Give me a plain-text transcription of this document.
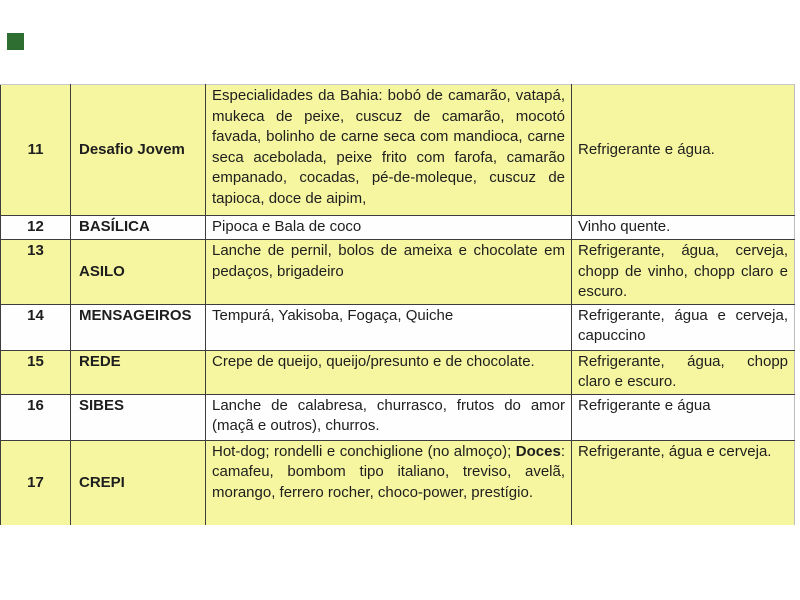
11	Desafio Jovem	Especialidades da Bahia: bobó de camarão, vatapá, mukeca de peixe, cuscuz de camarão, mocotó favada, bolinho de carne seca com mandioca, carne seca acebolada, peixe frito com farofa, camarão empanado, cocadas, pé-de-moleque, cuscuz de tapioca, doce de aipim,	Refrigerante e água.
12	BASÍLICA	Pipoca e Bala de coco	Vinho quente.
13	ASILO	Lanche de pernil, bolos de ameixa e chocolate em pedaços, brigadeiro	Refrigerante, água, cerveja, chopp de vinho, chopp claro e escuro.
14	MENSAGEIROS	Tempurá, Yakisoba, Fogaça, Quiche	Refrigerante, água e cerveja, capuccino
15	REDE	Crepe de queijo, queijo/presunto e de chocolate.	Refrigerante, água, chopp claro e escuro.
16	SIBES	Lanche de calabresa, churrasco, frutos do amor (maçã e outros), churros.	Refrigerante e água
17	CREPI	Hot-dog; rondelli e conchiglione (no almoço); Doces: camafeu, bombom tipo italiano, treviso, avelã, morango, ferrero rocher, choco-power, prestígio.	Refrigerante, água e cerveja.
